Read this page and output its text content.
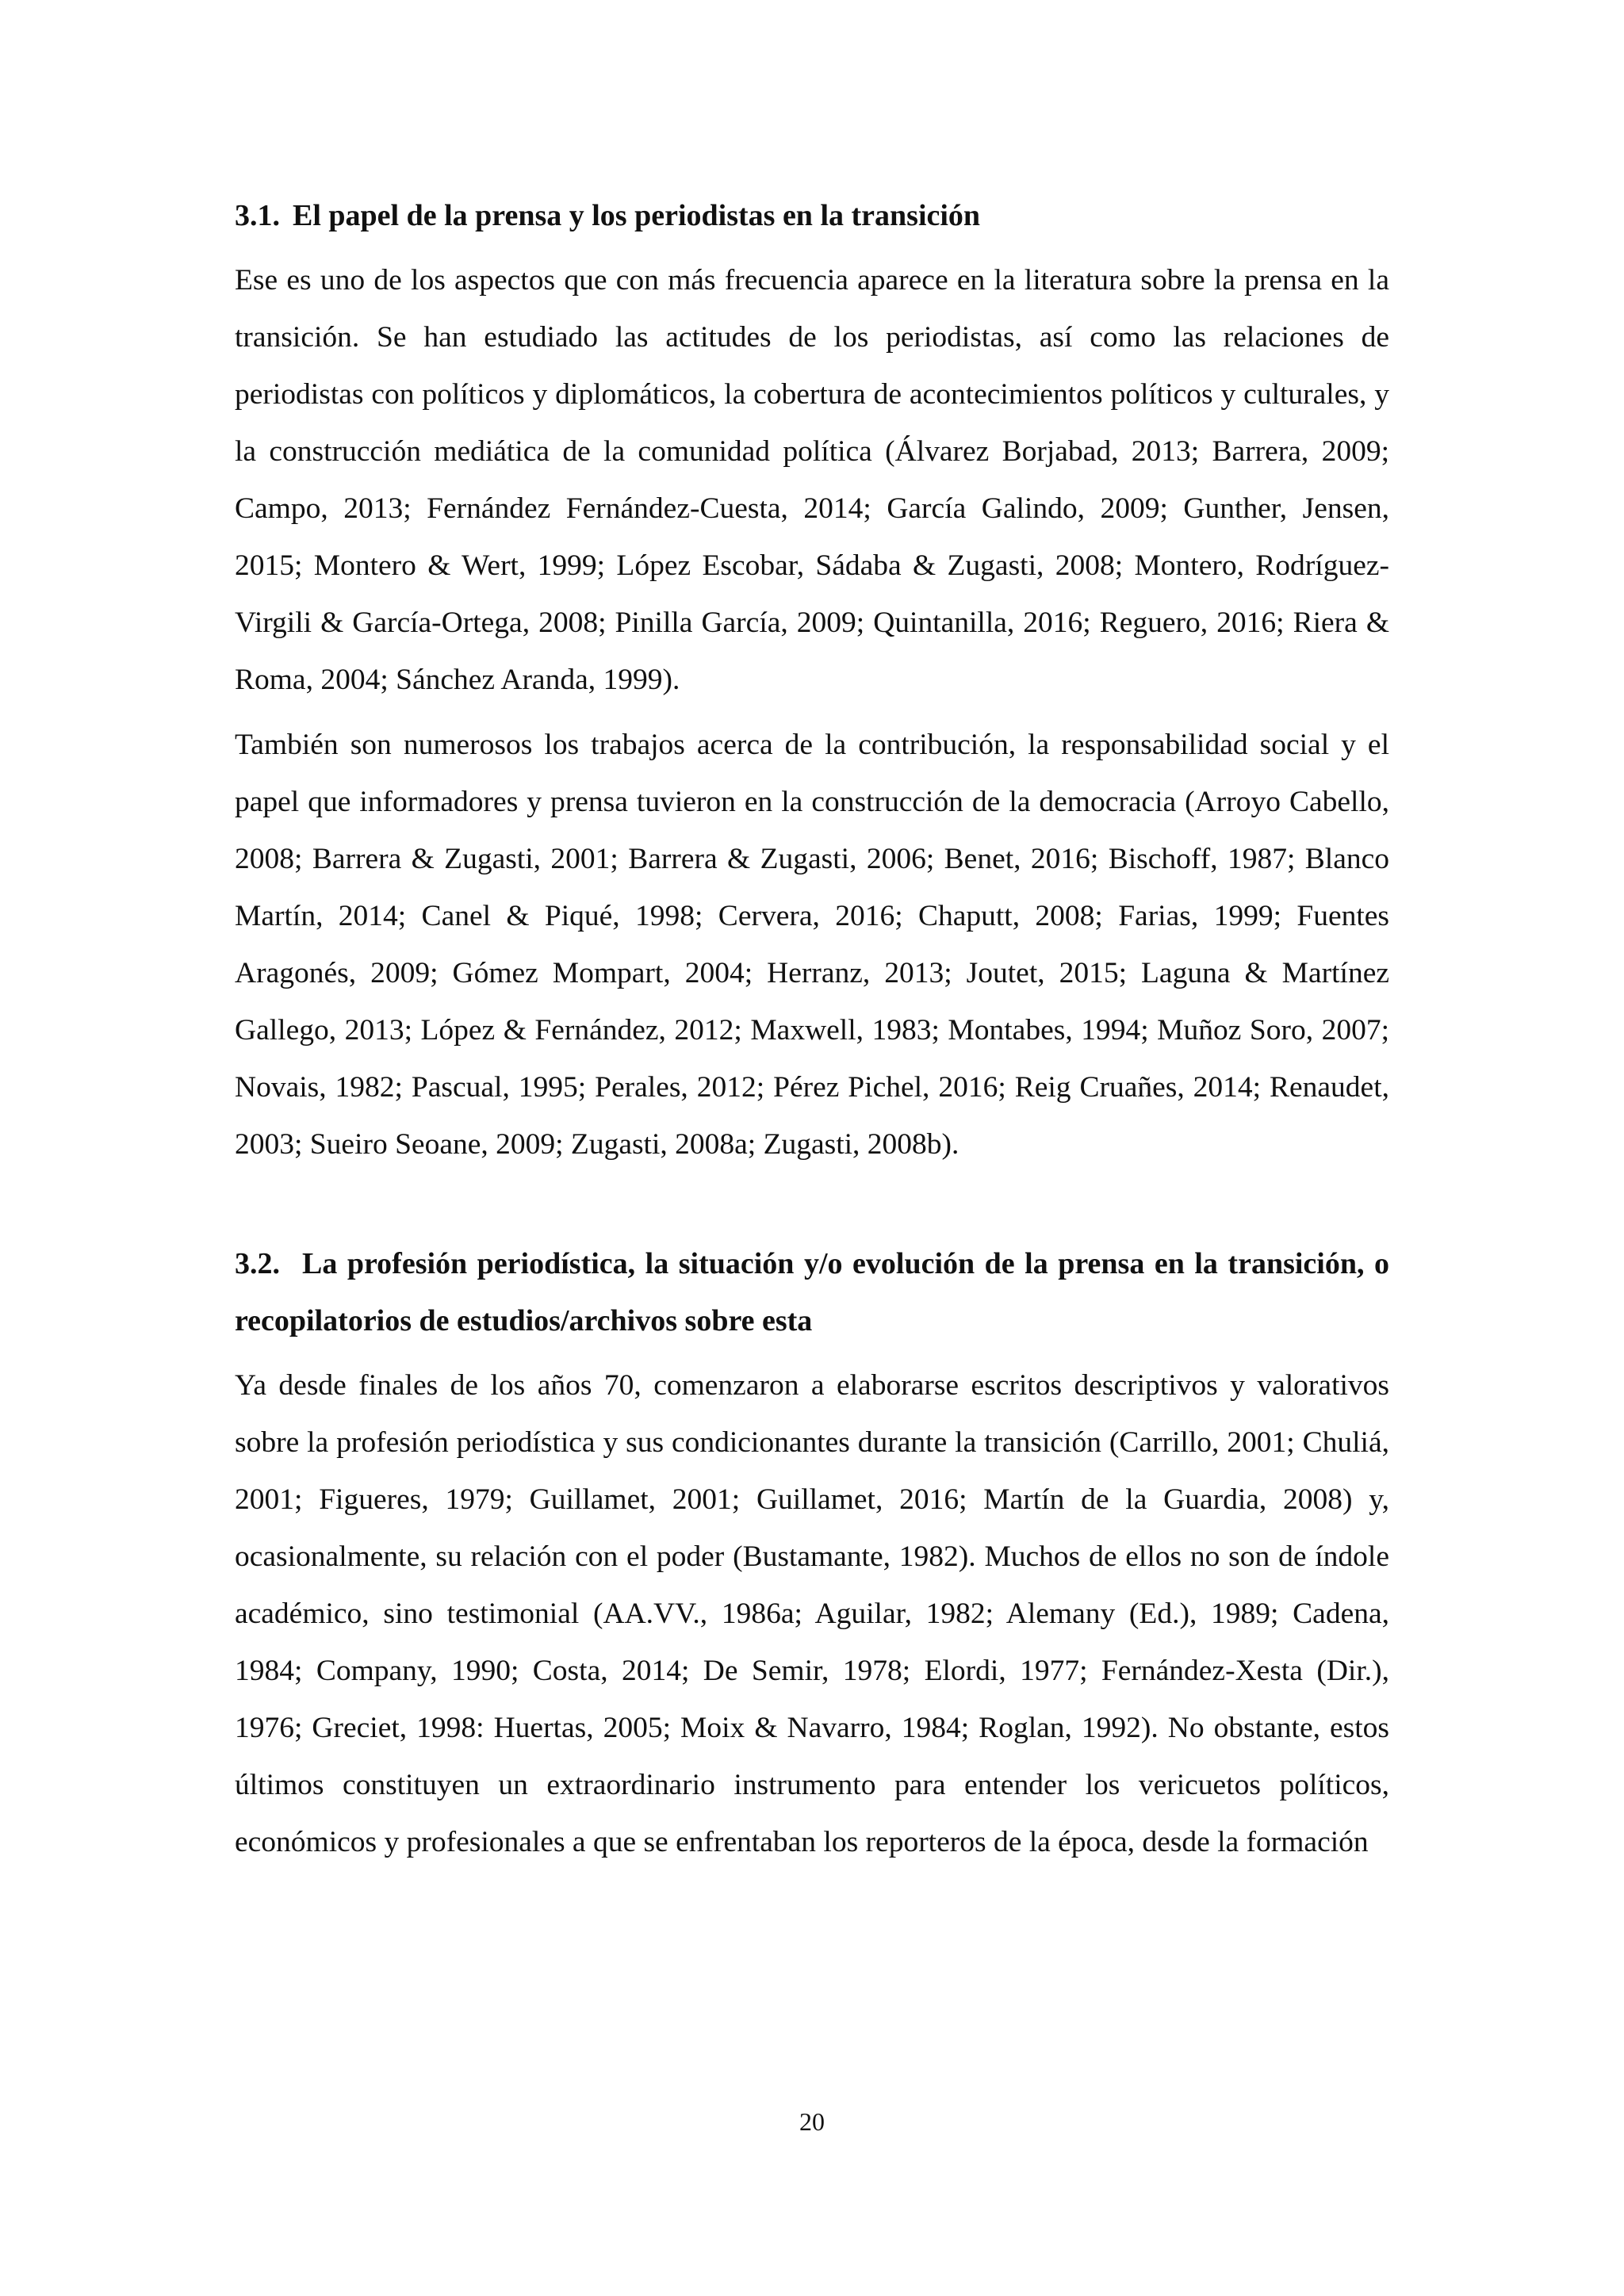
3.1. El papel de la prensa y los periodistas en la transición

Ese es uno de los aspectos que con más frecuencia aparece en la literatura sobre la prensa en la transición. Se han estudiado las actitudes de los periodistas, así como las relaciones de periodistas con políticos y diplomáticos, la cobertura de acontecimientos políticos y culturales, y la construcción mediática de la comunidad política (Álvarez Borjabad, 2013; Barrera, 2009; Campo, 2013; Fernández Fernández-Cuesta, 2014; García Galindo, 2009; Gunther, Jensen, 2015; Montero & Wert, 1999; López Escobar, Sádaba & Zugasti, 2008; Montero, Rodríguez-Virgili & García-Ortega, 2008; Pinilla García, 2009; Quintanilla, 2016; Reguero, 2016; Riera & Roma, 2004; Sánchez Aranda, 1999).

También son numerosos los trabajos acerca de la contribución, la responsabilidad social y el papel que informadores y prensa tuvieron en la construcción de la democracia (Arroyo Cabello, 2008; Barrera & Zugasti, 2001; Barrera & Zugasti, 2006; Benet, 2016; Bischoff, 1987; Blanco Martín, 2014; Canel & Piqué, 1998; Cervera, 2016; Chaputt, 2008; Farias, 1999; Fuentes Aragonés, 2009; Gómez Mompart, 2004; Herranz, 2013; Joutet, 2015; Laguna & Martínez Gallego, 2013; López & Fernández, 2012; Maxwell, 1983; Montabes, 1994; Muñoz Soro, 2007; Novais, 1982; Pascual, 1995; Perales, 2012; Pérez Pichel, 2016; Reig Cruañes, 2014; Renaudet, 2003; Sueiro Seoane, 2009; Zugasti, 2008a; Zugasti, 2008b).

3.2. La profesión periodística, la situación y/o evolución de la prensa en la transición, o recopilatorios de estudios/archivos sobre esta

Ya desde finales de los años 70, comenzaron a elaborarse escritos descriptivos y valorativos sobre la profesión periodística y sus condicionantes durante la transición (Carrillo, 2001; Chuliá, 2001; Figueres, 1979; Guillamet, 2001; Guillamet, 2016; Martín de la Guardia, 2008) y, ocasionalmente, su relación con el poder (Bustamante, 1982). Muchos de ellos no son de índole académico, sino testimonial (AA.VV., 1986a; Aguilar, 1982; Alemany (Ed.), 1989; Cadena, 1984; Company, 1990; Costa, 2014; De Semir, 1978; Elordi, 1977; Fernández-Xesta (Dir.), 1976; Greciet, 1998: Huertas, 2005; Moix & Navarro, 1984; Roglan, 1992). No obstante, estos últimos constituyen un extraordinario instrumento para entender los vericuetos políticos, económicos y profesionales a que se enfrentaban los reporteros de la época, desde la formación

20
